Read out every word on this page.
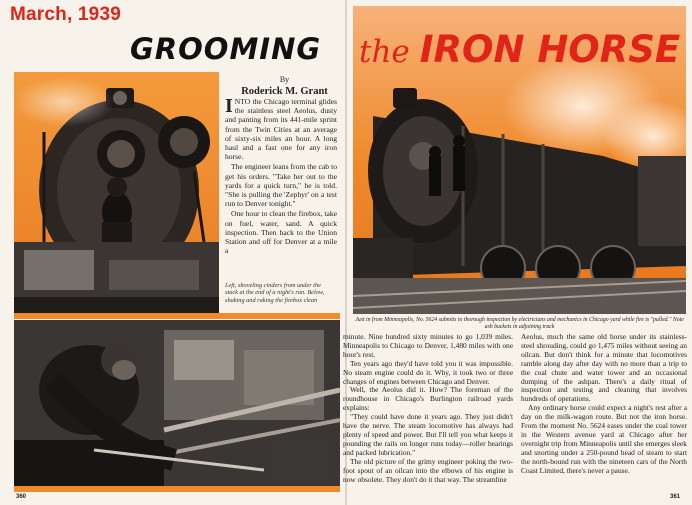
March, 1939
GROOMING
By
Roderick M. Grant

INTO the Chicago terminal glides the stainless steel Aeolus, dusty and panting from its 441-mile sprint from the Twin Cities at an average of sixty-six miles an hour. A long haul and a fast one for any iron horse.

The engineer leans from the cab to get his orders. "Take her out to the yards for a quick turn," he is told. "She is pulling the 'Zephyr' on a test run to Denver tonight."

One hour to clean the firebox, take on fuel, water, sand. A quick inspection. Then back to the Union Station and off for Denver at a mile a

Left, shoveling cinders from under the stack at the end of a night's run. Below, shaking and raking the firebox clean
360
the IRON HORSE
Just in from Minneapolis, No. 5624 submits to thorough inspection by electricians and mechanics in Chicago yard while fire is "pulled." Note ash buckets in adjoining track

minute. Nine hundred sixty minutes to go 1,039 miles. Minneapolis to Chicago to Denver, 1,480 miles with one hour's rest.

Ten years ago they'd have told you it was impossible. No steam engine could do it. Why, it took two or three changes of engines between Chicago and Denver.

Well, the Aeolus did it. How? The foreman of the roundhouse in Chicago's Burlington railroad yards explains:

"They could have done it years ago. They just didn't have the nerve. The steam locomotive has always had plenty of speed and power. But I'll tell you what keeps it pounding the rails on longer runs today—roller bearings and packed lubrication."

The old picture of the grimy engineer poking the two-foot spout of an oilcan into the elbows of his engine is now obsolete. They don't do it that way. The streamline

Aeolus, much the same old horse under its stainless-steel shrouding, could go 1,475 miles without seeing an oilcan. But don't think for a minute that locomotives ramble along day after day with no more than a trip to the coal chute and water tower and an occasional dumping of the ashpan. There's a daily ritual of inspection and testing and cleaning that involves hundreds of operations.

Any ordinary horse could expect a night's rest after a day on the milk-wagon route. But not the iron horse. From the moment No. 5624 eases under the coal tower in the Western avenue yard at Chicago after her overnight trip from Minneapolis until she emerges sleek and snorting under a 250-pound head of steam to start the north-bound run with the nineteen cars of the North Coast Limited, there's never a pause.

361
